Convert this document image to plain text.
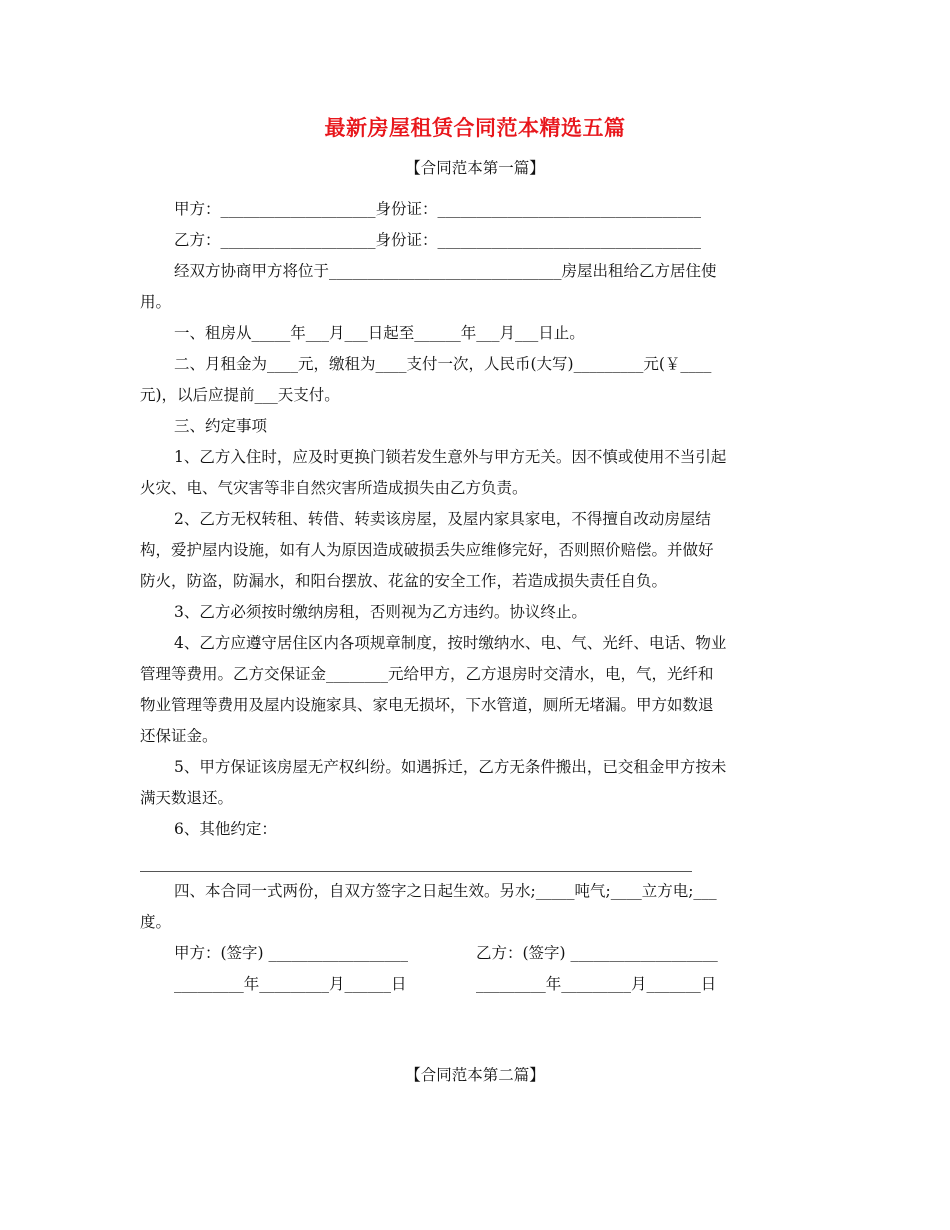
最新房屋租赁合同范本精选五篇
【合同范本第一篇】
甲方：____________________身份证：__________________________________
乙方：____________________身份证：__________________________________
经双方协商甲方将位于______________________________房屋出租给乙方居住使
用。
一、租房从_____年___月___日起至______年___月___日止。
二、月租金为____元，缴租为____支付一次，人民币(大写)_________元(￥____
元)，以后应提前___天支付。
三、约定事项
1、乙方入住时，应及时更换门锁若发生意外与甲方无关。因不慎或使用不当引起
火灾、电、气灾害等非自然灾害所造成损失由乙方负责。
2、乙方无权转租、转借、转卖该房屋，及屋内家具家电，不得擅自改动房屋结
构，爱护屋内设施，如有人为原因造成破损丢失应维修完好，否则照价赔偿。并做好
防火，防盗，防漏水，和阳台摆放、花盆的安全工作，若造成损失责任自负。
3、乙方必须按时缴纳房租，否则视为乙方违约。协议终止。
4、乙方应遵守居住区内各项规章制度，按时缴纳水、电、气、光纤、电话、物业
管理等费用。乙方交保证金________元给甲方，乙方退房时交清水，电，气，光纤和
物业管理等费用及屋内设施家具、家电无损坏，下水管道，厕所无堵漏。甲方如数退
还保证金。
5、甲方保证该房屋无产权纠纷。如遇拆迁，乙方无条件搬出，已交租金甲方按未
满天数退还。
6、其他约定：
四、本合同一式两份，自双方签字之日起生效。另水;_____吨气;____立方电;___
度。
甲方：(签字) __________________	乙方：(签字) ___________________
_________年_________月______日	_________年_________月_______日
【合同范本第二篇】
